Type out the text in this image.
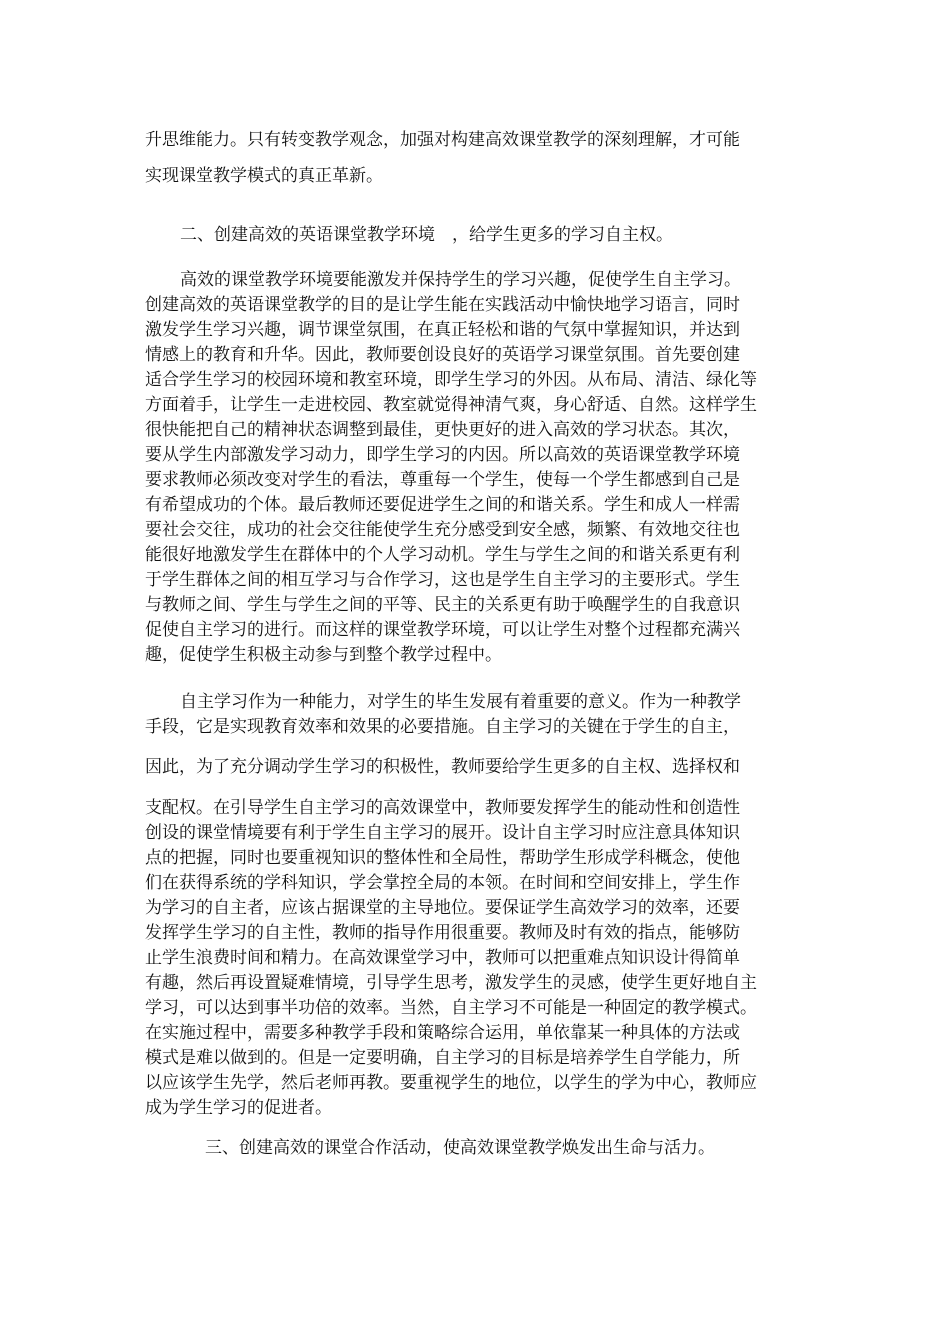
升思维能力。只有转变教学观念，加强对构建高效课堂教学的深刻理解，才可能
实现课堂教学模式的真正革新。
二、创建高效的英语课堂教学环境　，给学生更多的学习自主权。
高效的课堂教学环境要能激发并保持学生的学习兴趣，促使学生自主学习。
创建高效的英语课堂教学的目的是让学生能在实践活动中愉快地学习语言，同时
激发学生学习兴趣，调节课堂氛围，在真正轻松和谐的气氛中掌握知识，并达到
情感上的教育和升华。因此，教师要创设良好的英语学习课堂氛围。首先要创建
适合学生学习的校园环境和教室环境，即学生学习的外因。从布局、清洁、绿化等
方面着手，让学生一走进校园、教室就觉得神清气爽，身心舒适、自然。这样学生
很快能把自己的精神状态调整到最佳，更快更好的进入高效的学习状态。其次，
要从学生内部激发学习动力，即学生学习的内因。所以高效的英语课堂教学环境
要求教师必须改变对学生的看法，尊重每一个学生，使每一个学生都感到自己是
有希望成功的个体。最后教师还要促进学生之间的和谐关系。学生和成人一样需
要社会交往，成功的社会交往能使学生充分感受到安全感，频繁、有效地交往也
能很好地激发学生在群体中的个人学习动机。学生与学生之间的和谐关系更有利
于学生群体之间的相互学习与合作学习，这也是学生自主学习的主要形式。学生
与教师之间、学生与学生之间的平等、民主的关系更有助于唤醒学生的自我意识
促使自主学习的进行。而这样的课堂教学环境，可以让学生对整个过程都充满兴
趣，促使学生积极主动参与到整个教学过程中。
自主学习作为一种能力，对学生的毕生发展有着重要的意义。作为一种教学
手段，它是实现教育效率和效果的必要措施。自主学习的关键在于学生的自主，
因此，为了充分调动学生学习的积极性，教师要给学生更多的自主权、选择权和
支配权。在引导学生自主学习的高效课堂中，教师要发挥学生的能动性和创造性
创设的课堂情境要有利于学生自主学习的展开。设计自主学习时应注意具体知识
点的把握，同时也要重视知识的整体性和全局性，帮助学生形成学科概念，使他
们在获得系统的学科知识，学会掌控全局的本领。在时间和空间安排上，学生作
为学习的自主者，应该占据课堂的主导地位。要保证学生高效学习的效率，还要
发挥学生学习的自主性，教师的指导作用很重要。教师及时有效的指点，能够防
止学生浪费时间和精力。在高效课堂学习中，教师可以把重难点知识设计得简单
有趣，然后再设置疑难情境，引导学生思考，激发学生的灵感，使学生更好地自主
学习，可以达到事半功倍的效率。当然，自主学习不可能是一种固定的教学模式。
在实施过程中，需要多种教学手段和策略综合运用，单依靠某一种具体的方法或
模式是难以做到的。但是一定要明确，自主学习的目标是培养学生自学能力，所
以应该学生先学，然后老师再教。要重视学生的地位，以学生的学为中心，教师应
成为学生学习的促进者。
三、创建高效的课堂合作活动，使高效课堂教学焕发出生命与活力。
